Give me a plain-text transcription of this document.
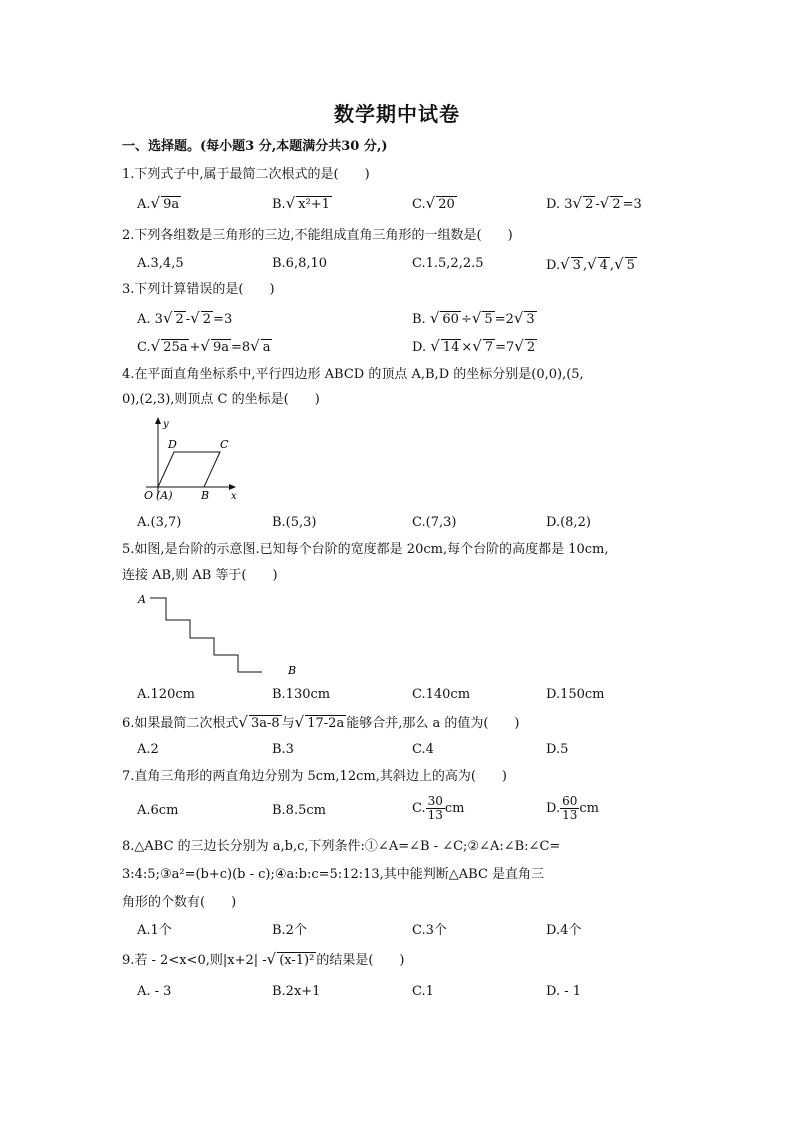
数学期中试卷
一、选择题。(每小题3 分,本题满分共30 分,)
1.下列式子中,属于最简二次根式的是(　　)
A.√ 9a	B.√ x²+1	C.√ 20	D. 3√ 2 -√ 2 =3
2.下列各组数是三角形的三边,不能组成直角三角形的一组数是(　　)
A.3,4,5	B.6,8,10	C.1.5,2,2.5	D.√ 3 ,√ 4 ,√ 5
3.下列计算错误的是(　　)
A. 3√ 2 -√ 2 =3	B. √ 60 ÷√ 5 =2√ 3
C.√ 25a +√ 9a =8√ a	D. √ 14 ×√ 7 =7√ 2
4.在平面直角坐标系中,平行四边形 ABCD 的顶点 A,B,D 的坐标分别是(0,0),(5,
0),(2,3),则顶点 C 的坐标是(　　)
y
x
D	C
O (A)	B
A.(3,7)	B.(5,3)	C.(7,3)	D.(8,2)
5.如图,是台阶的示意图.已知每个台阶的宽度都是 20cm,每个台阶的高度都是 10cm,
连接 AB,则 AB 等于(　　)
A
B
A.120cm	B.130cm	C.140cm	D.150cm
6.如果最简二次根式√ 3a-8 与√ 17-2a 能够合并,那么 a 的值为(　　)
A.2	B.3	C.4	D.5
7.直角三角形的两直角边分别为 5cm,12cm,其斜边上的高为(　　)
A.6cm	B.8.5cm	C. $\frac{30}{13}$ cm	D. $\frac{60}{13}$ cm
8.△ABC 的三边长分别为 a,b,c,下列条件:①∠A=∠B - ∠C;②∠A:∠B:∠C=
3:4:5;③a²=(b+c)(b - c);④a:b:c=5:12:13,其中能判断△ABC 是直角三
角形的个数有(　　)
A.1个	B.2个	C.3个	D.4个
9.若 - 2<x<0,则|x+2| -√ (x-1)² 的结果是(　　)
A. - 3	B.2x+1	C.1	D. - 1
